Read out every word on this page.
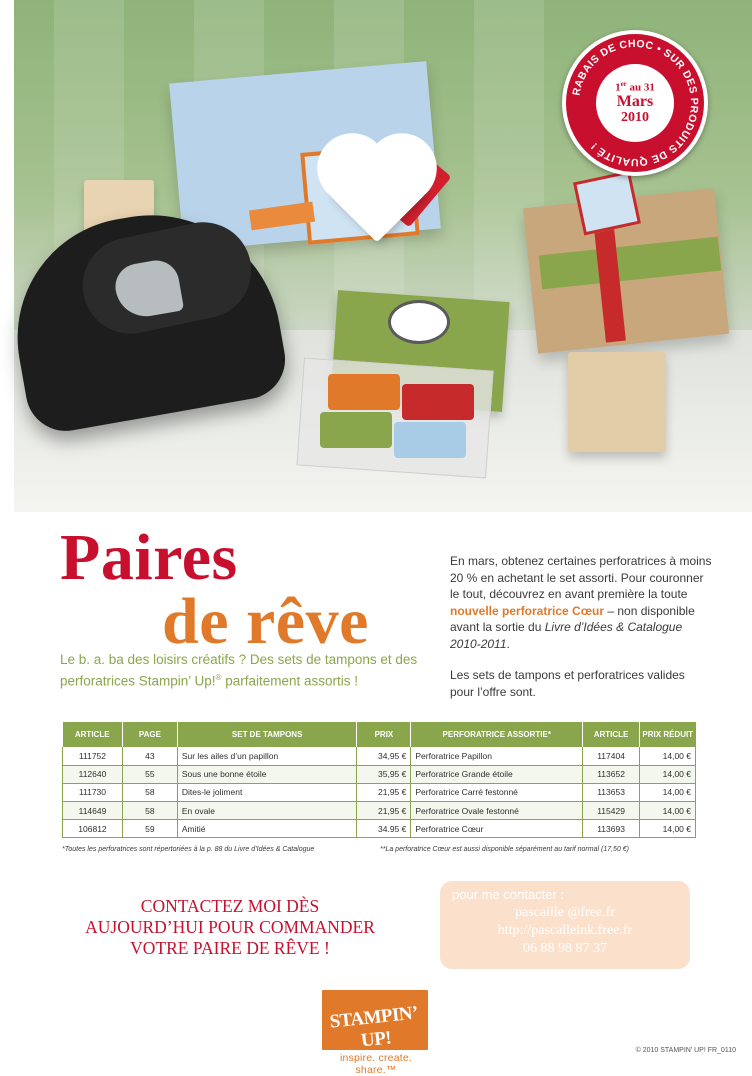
RABAIS DE CHOC • SUR DES PRODUITS DE QUALITÉ !
1er au 31
Mars
2010
Paires
de rêve

Le b. a. ba des loisirs créatifs ? Des sets de tampons et des perforatrices Stampin’ Up!® parfaitement assortis !

En mars, obtenez certaines perforatrices à moins 20 % en achetant le set assorti. Pour couronner le tout, découvrez en avant première la toute nouvelle perforatrice Cœur – non disponible avant la sortie du Livre d’Idées & Catalogue 2010-2011.

Les sets de tampons et perforatrices valides pour l’offre sont.

ARTICLE	PAGE	SET DE TAMPONS	PRIX	PERFORATRICE ASSORTIE*	ARTICLE	PRIX RÉDUIT
111752	43	Sur les ailes d’un papillon	34,95 €	Perforatrice Papillon	117404	14,00 €
112640	55	Sous une bonne étoile	35,95 €	Perforatrice Grande étoile	113652	14,00 €
111730	58	Dites-le joliment	21,95 €	Perforatrice Carré festonné	113653	14,00 €
114649	58	En ovale	21,95 €	Perforatrice Ovale festonné	115429	14,00 €
106812	59	Amitié	34.95 €	Perforatrice Cœur	113693	14,00 €

*Toutes les perforatrices sont répertoriées à la p. 88 du Livre d’Idées & Catalogue	**La perforatrice Cœur est aussi disponible séparément au tarif normal (17,50 €)

CONTACTEZ MOI DÈS
AUJOURD’HUI POUR COMMANDER
VOTRE PAIRE DE RÊVE !
pour me contacter :
pascaille @free.fr
http://pascalleink.free.fr
06 88 98 87 37
STAMPIN’ UP!
inspire. create. share.™
© 2010 STAMPIN’ UP! FR_0110
